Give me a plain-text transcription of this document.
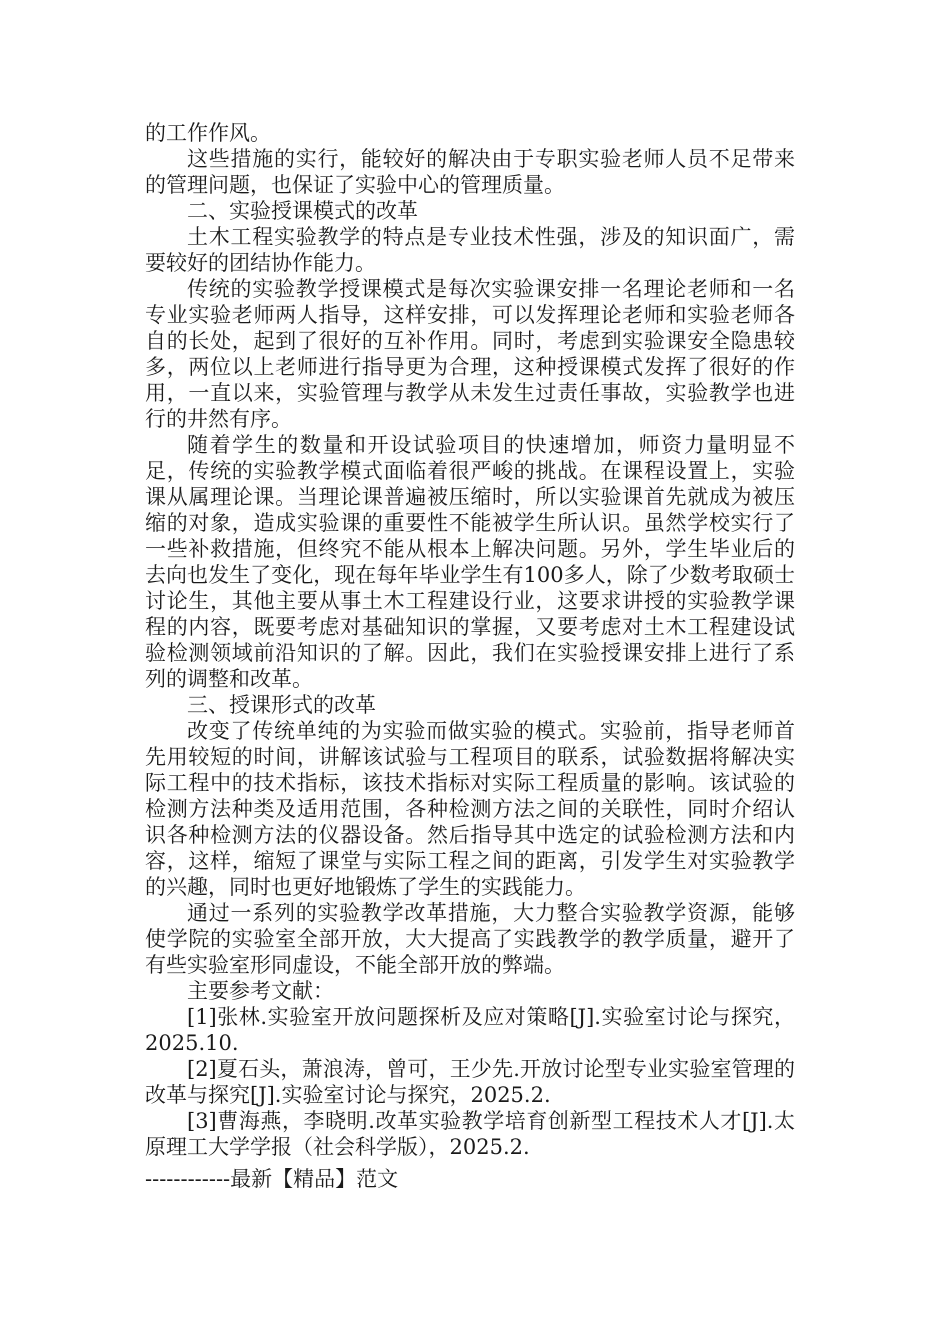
的工作作风。

这些措施的实行，能较好的解决由于专职实验老师人员不足带来的管理问题，也保证了实验中心的管理质量。

二、实验授课模式的改革

土木工程实验教学的特点是专业技术性强，涉及的知识面广，需要较好的团结协作能力。

传统的实验教学授课模式是每次实验课安排一名理论老师和一名专业实验老师两人指导，这样安排，可以发挥理论老师和实验老师各自的长处，起到了很好的互补作用。同时，考虑到实验课安全隐患较多，两位以上老师进行指导更为合理，这种授课模式发挥了很好的作用，一直以来，实验管理与教学从未发生过责任事故，实验教学也进行的井然有序。

随着学生的数量和开设试验项目的快速增加，师资力量明显不足，传统的实验教学模式面临着很严峻的挑战。在课程设置上，实验课从属理论课。当理论课普遍被压缩时，所以实验课首先就成为被压缩的对象，造成实验课的重要性不能被学生所认识。虽然学校实行了一些补救措施，但终究不能从根本上解决问题。另外，学生毕业后的去向也发生了变化，现在每年毕业学生有100多人，除了少数考取硕士讨论生，其他主要从事土木工程建设行业，这要求讲授的实验教学课程的内容，既要考虑对基础知识的掌握，又要考虑对土木工程建设试验检测领域前沿知识的了解。因此，我们在实验授课安排上进行了系列的调整和改革。

三、授课形式的改革

改变了传统单纯的为实验而做实验的模式。实验前，指导老师首先用较短的时间，讲解该试验与工程项目的联系，试验数据将解决实际工程中的技术指标，该技术指标对实际工程质量的影响。该试验的检测方法种类及适用范围，各种检测方法之间的关联性，同时介绍认识各种检测方法的仪器设备。然后指导其中选定的试验检测方法和内容，这样，缩短了课堂与实际工程之间的距离，引发学生对实验教学的兴趣，同时也更好地锻炼了学生的实践能力。

通过一系列的实验教学改革措施，大力整合实验教学资源，能够使学院的实验室全部开放，大大提高了实践教学的教学质量，避开了有些实验室形同虚设，不能全部开放的弊端。

主要参考文献：

[1]张林.实验室开放问题探析及应对策略[J].实验室讨论与探究，2025.10.

[2]夏石头，萧浪涛，曾可，王少先.开放讨论型专业实验室管理的改革与探究[J].实验室讨论与探究，2025.2.

[3]曹海燕，李晓明.改革实验教学培育创新型工程技术人才[J].太原理工大学学报（社会科学版），2025.2.

------------最新【精品】范文
